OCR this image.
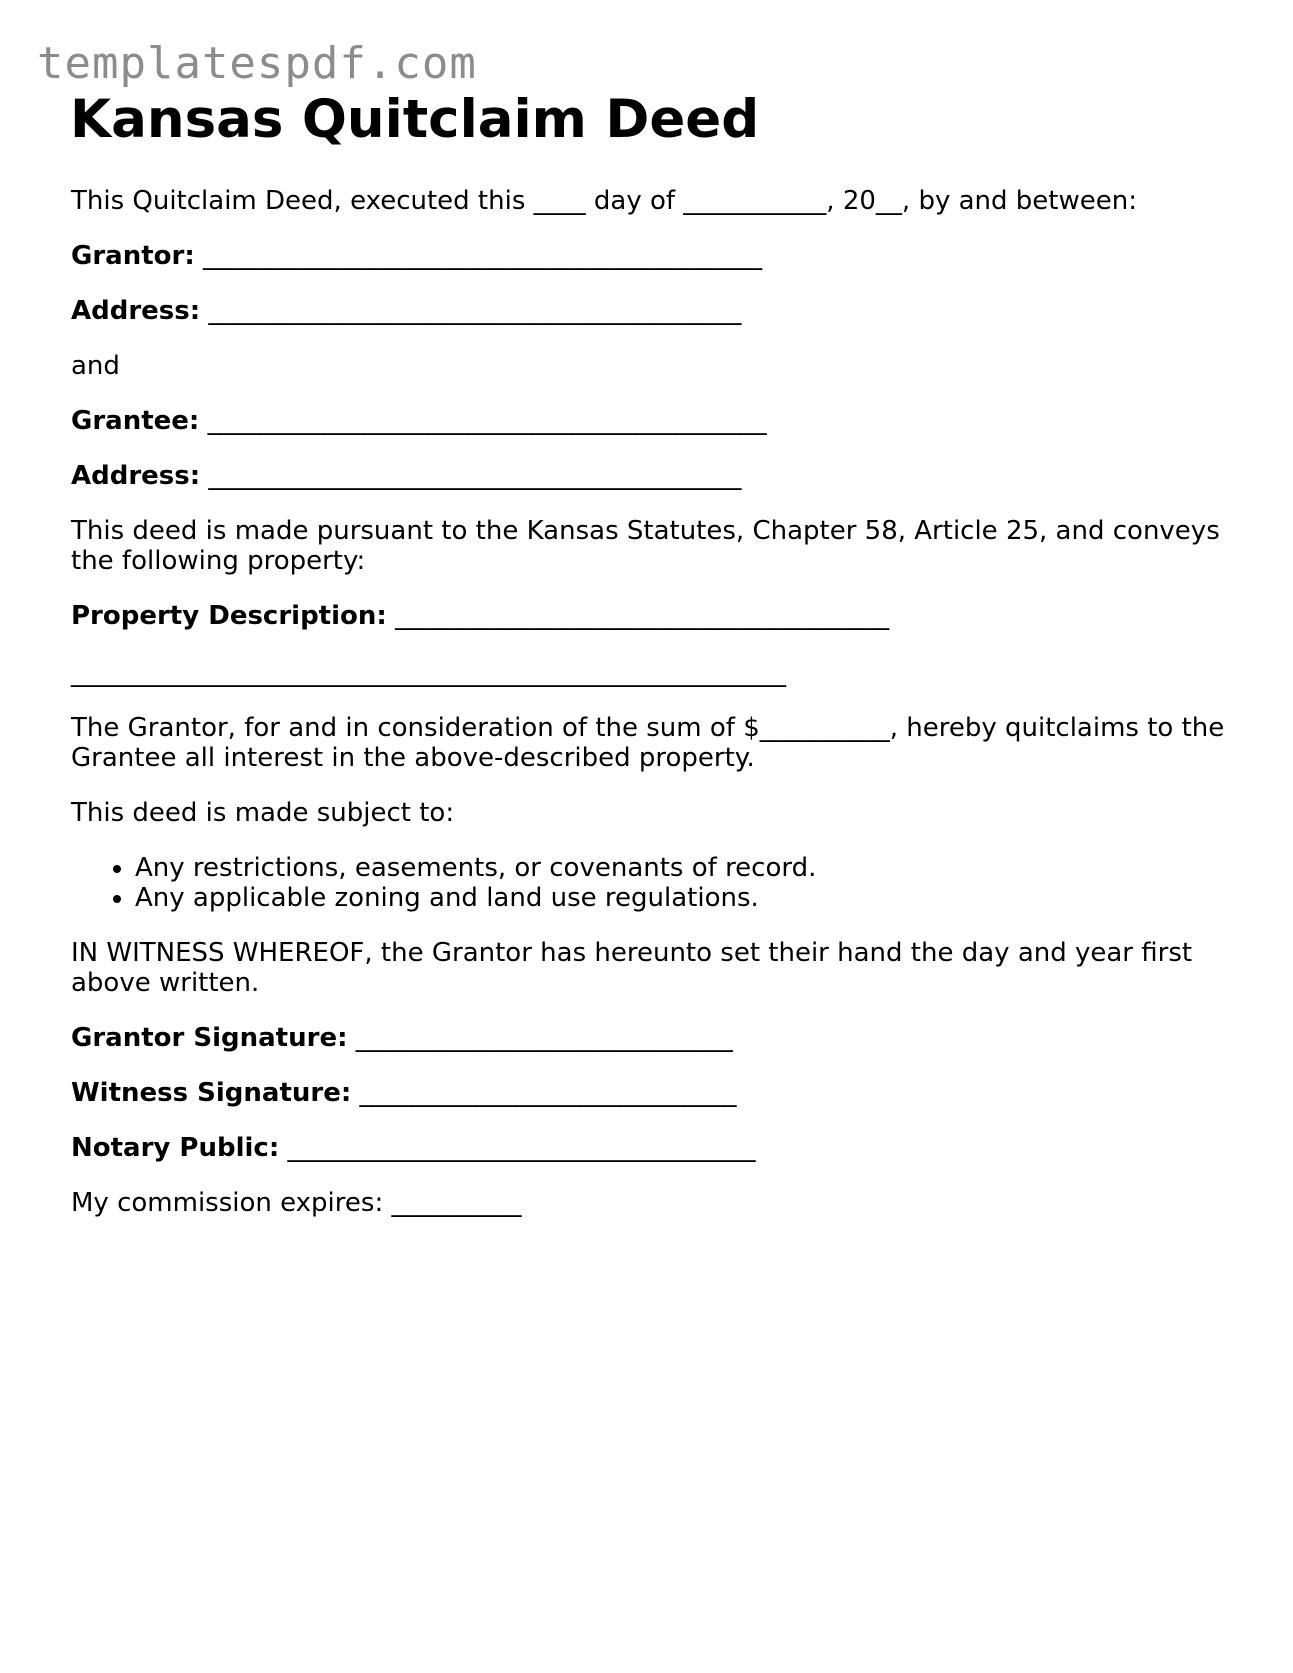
templatespdf.com
Kansas Quitclaim Deed

This Quitclaim Deed, executed this ____ day of ___________, 20__, by and between:

Grantor: ___________________________________________

Address: _________________________________________

and

Grantee: ___________________________________________

Address: _________________________________________

This deed is made pursuant to the Kansas Statutes, Chapter 58, Article 25, and conveys the following property:

Property Description: ______________________________________

_______________________________________________________

The Grantor, for and in consideration of the sum of $__________, hereby quitclaims to the Grantee all interest in the above-described property.

This deed is made subject to:

• Any restrictions, easements, or covenants of record.
• Any applicable zoning and land use regulations.

IN WITNESS WHEREOF, the Grantor has hereunto set their hand the day and year first above written.

Grantor Signature: _____________________________

Witness Signature: _____________________________

Notary Public: ____________________________________

My commission expires: __________
